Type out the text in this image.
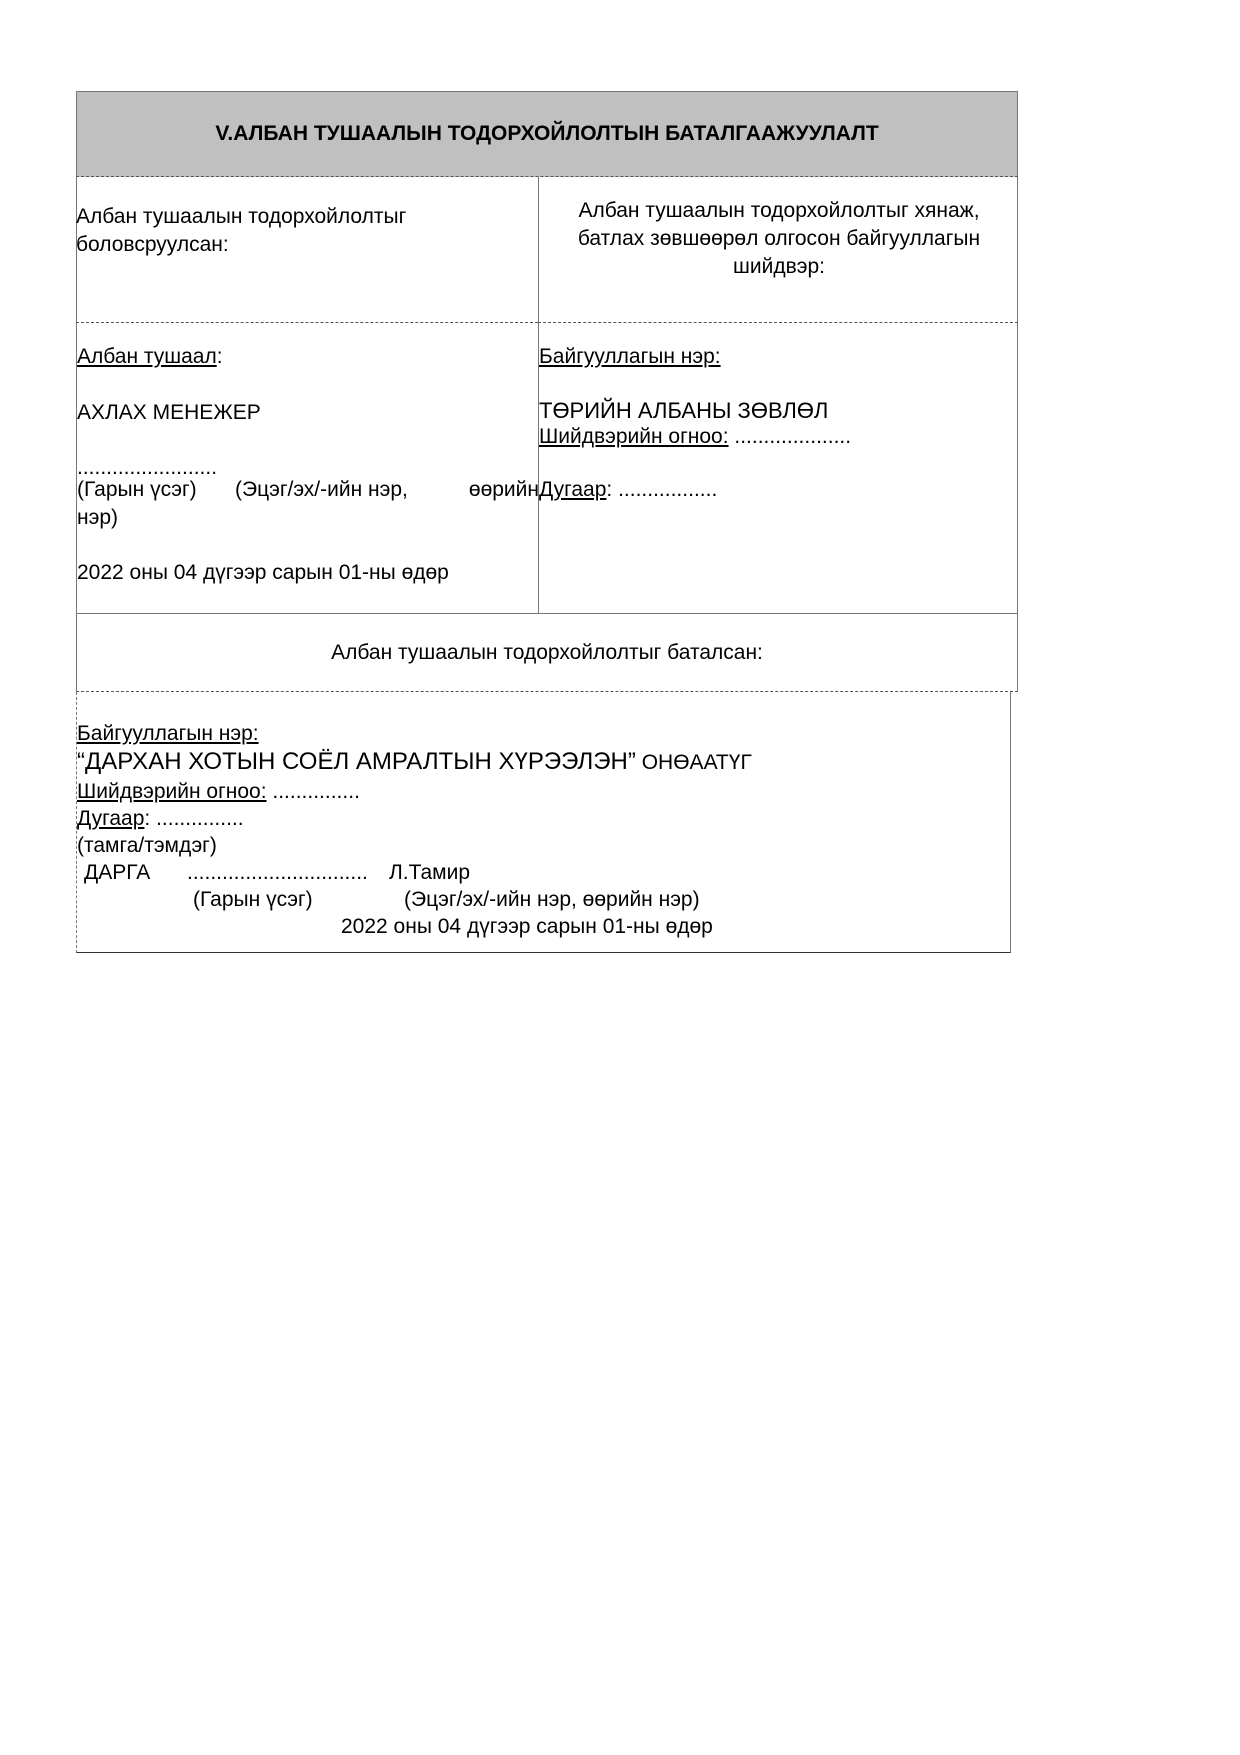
V.АЛБАН ТУШААЛЫН ТОДОРХОЙЛОЛТЫН БАТАЛГААЖУУЛАЛТ
Албан тушаалын тодорхойлолтыг
боловсруулсан:
Албан тушаалын тодорхойлолтыг хянаж,
батлах зөвшөөрөл олгосон байгууллагын
шийдвэр:
Албан тушаал:
АХЛАХ МЕНЕЖЕР
........................
(Гарын үсэг) (Эцэг/эх/-ийн нэр,	өөрийн
нэр)
2022 оны 04 дүгээр сарын 01-ны өдөр
Байгууллагын нэр:
ТӨРИЙН АЛБАНЫ ЗӨВЛӨЛ
Шийдвэрийн огноо: ....................
Дугаар: .................
Албан тушаалын тодорхойлолтыг баталсан:
Байгууллагын нэр:
“ДАРХАН ХОТЫН СОЁЛ АМРАЛТЫН ХҮРЭЭЛЭН” ОНӨААТҮГ
Шийдвэрийн огноо: ...............
Дугаар: ...............
(тамга/тэмдэг)
ДАРГА ............................... Л.Тамир
(Гарын үсэг)	(Эцэг/эх/-ийн нэр, өөрийн нэр)
2022 оны 04 дүгээр сарын 01-ны өдөр
